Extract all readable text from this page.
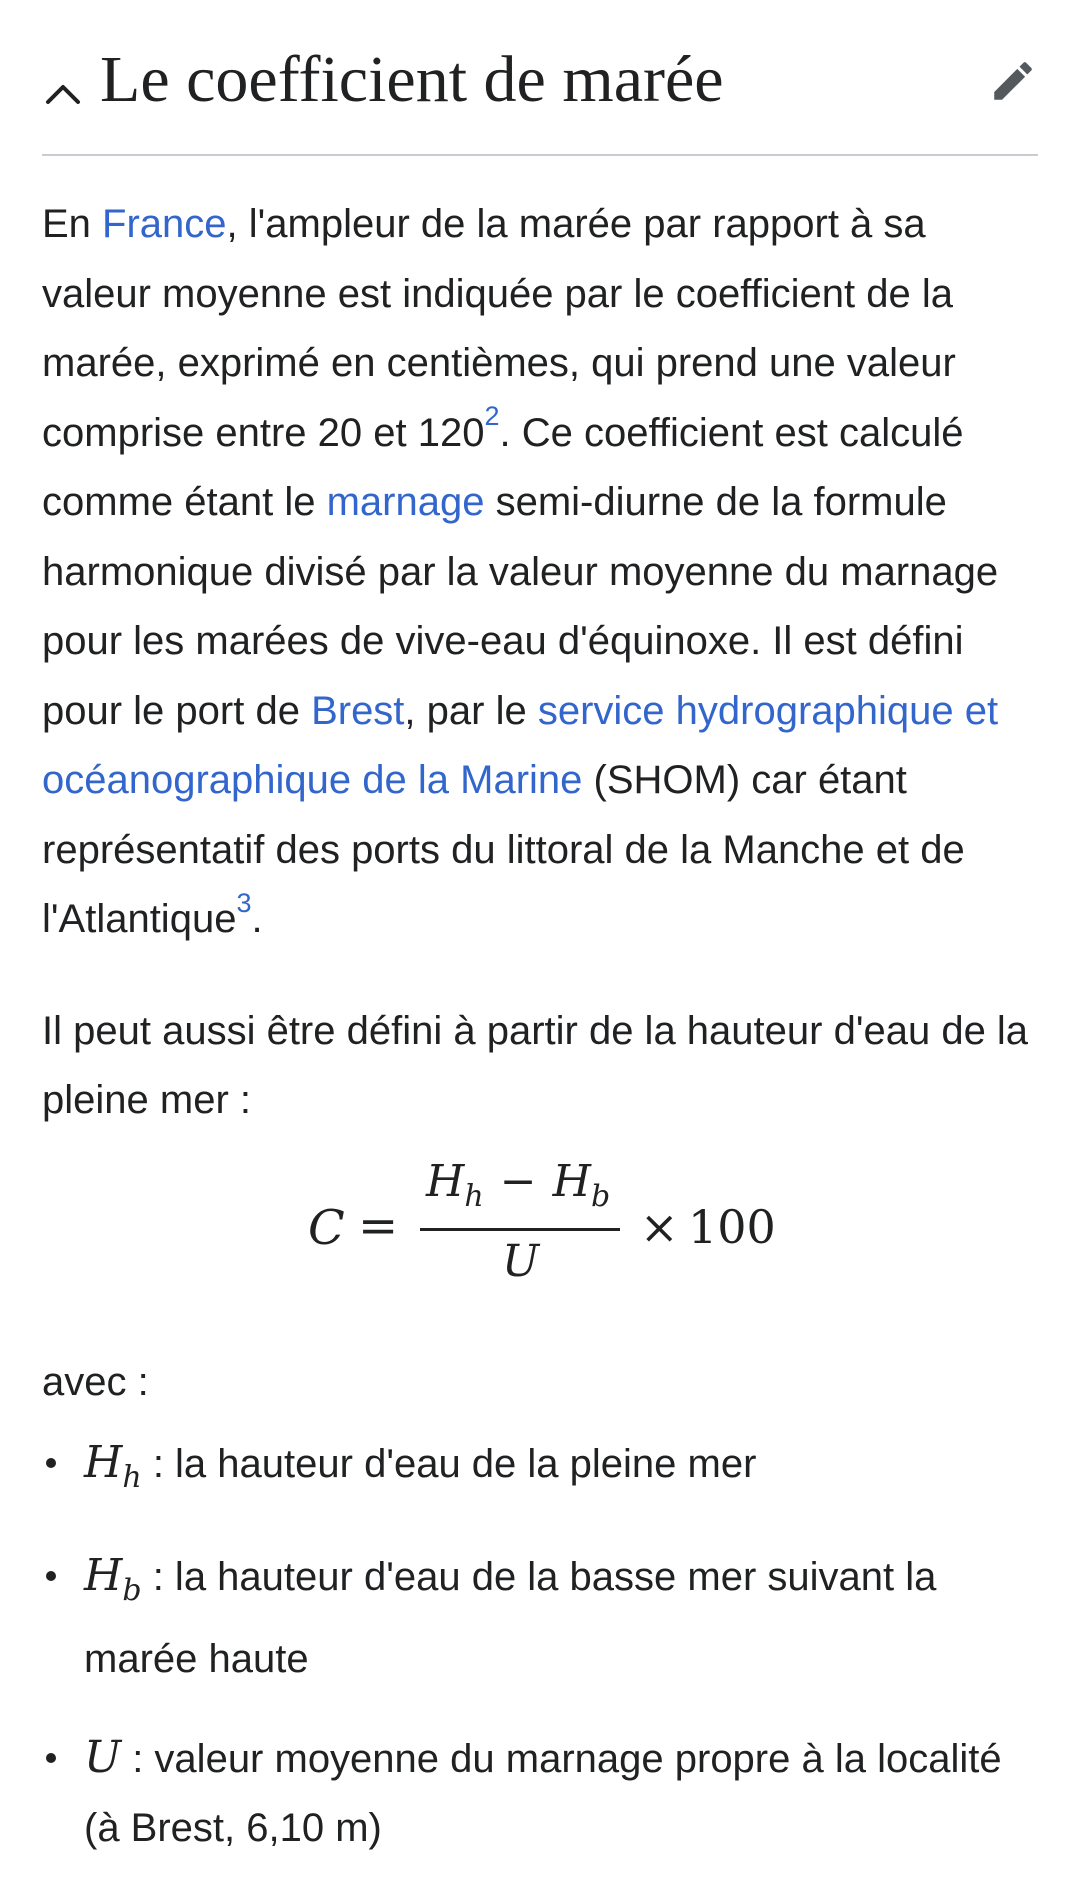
Le coefficient de marée

En France, l'ampleur de la marée par rapport à sa valeur moyenne est indiquée par le coefficient de la marée, exprimé en centièmes, qui prend une valeur comprise entre 20 et 120$^2$. Ce coefficient est calculé comme étant le marnage semi-diurne de la formule harmonique divisé par la valeur moyenne du marnage pour les marées de vive-eau d'équinoxe. Il est défini pour le port de Brest, par le service hydrographique et océanographique de la Marine (SHOM) car étant représentatif des ports du littoral de la Manche et de l'Atlantique$^3$.

Il peut aussi être défini à partir de la hauteur d'eau de la pleine mer :

C =
$H_h - H_b$
U
× 100

avec :

$H_h$ : la hauteur d'eau de la pleine mer
$H_b$ : la hauteur d'eau de la basse mer suivant la marée haute
U : valeur moyenne du marnage propre à la localité (à Brest, 6,10 m)
